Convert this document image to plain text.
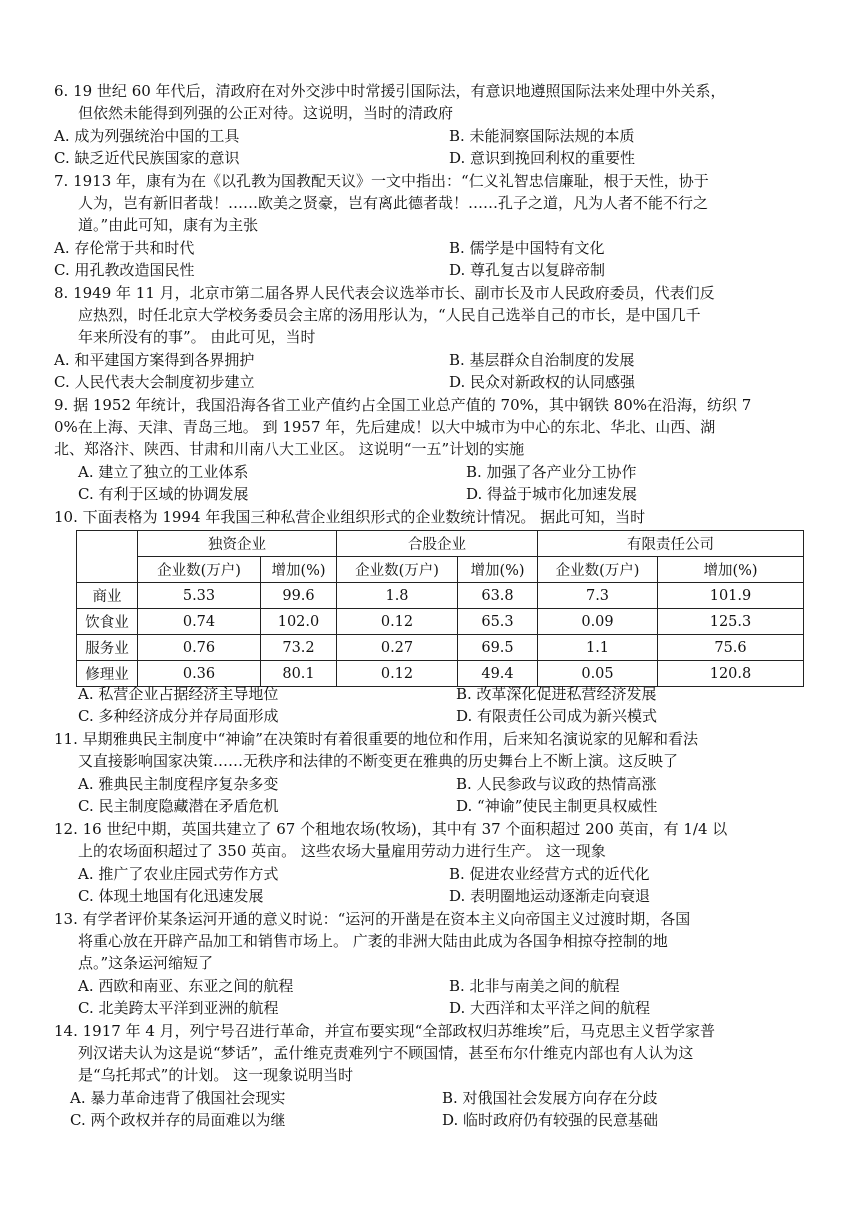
6. 19 世纪 60 年代后，清政府在对外交涉中时常援引国际法，有意识地遵照国际法来处理中外关系，
但依然未能得到列强的公正对待。这说明，当时的清政府
A. 成为列强统治中国的工具	B. 未能洞察国际法规的本质
C. 缺乏近代民族国家的意识	D. 意识到挽回利权的重要性
7. 1913 年，康有为在《以孔教为国教配天议》一文中指出：“仁义礼智忠信廉耻，根于天性，协于
人为，岂有新旧者哉！……欧美之贤豪，岂有离此德者哉！……孔子之道，凡为人者不能不行之
道。”由此可知，康有为主张
A. 存伦常于共和时代	B. 儒学是中国特有文化
C. 用孔教改造国民性	D. 尊孔复古以复辟帝制
8. 1949 年 11 月，北京市第二届各界人民代表会议选举市长、副市长及市人民政府委员，代表们反
应热烈，时任北京大学校务委员会主席的汤用彤认为，“人民自己选举自己的市长，是中国几千
年来所没有的事”。 由此可见，当时
A. 和平建国方案得到各界拥护	B. 基层群众自治制度的发展
C. 人民代表大会制度初步建立	D. 民众对新政权的认同感强
9. 据 1952 年统计，我国沿海各省工业产值约占全国工业总产值的 70%，其中钢铁 80%在沿海，纺织 7
0%在上海、天津、青岛三地。 到 1957 年，先后建成！以大中城市为中心的东北、华北、山西、湖
北、郑洛汴、陕西、甘肃和川南八大工业区。 这说明“一五”计划的实施
A. 建立了独立的工业体系	B. 加强了各产业分工协作
C. 有利于区域的协调发展	D. 得益于城市化加速发展
10. 下面表格为 1994 年我国三种私营企业组织形式的企业数统计情况。 据此可知，当时
	独资企业		合股企业		有限责任公司	
	企业数(万户)	增加(%)	企业数(万户)	增加(%)	企业数(万户)	增加(%)
商业	5.33	99.6	1.8	63.8	7.3	101.9
饮食业	0.74	102.0	0.12	65.3	0.09	125.3
服务业	0.76	73.2	0.27	69.5	1.1	75.6
修理业	0.36	80.1	0.12	49.4	0.05	120.8
A. 私营企业占据经济主导地位	B. 改革深化促进私营经济发展
C. 多种经济成分并存局面形成	D. 有限责任公司成为新兴模式
11. 早期雅典民主制度中“神谕”在决策时有着很重要的地位和作用，后来知名演说家的见解和看法
又直接影响国家决策……无秩序和法律的不断变更在雅典的历史舞台上不断上演。这反映了
A. 雅典民主制度程序复杂多变	B. 人民参政与议政的热情高涨
C. 民主制度隐藏潜在矛盾危机	D. “神谕”使民主制更具权威性
12. 16 世纪中期，英国共建立了 67 个租地农场(牧场)，其中有 37 个面积超过 200 英亩，有 1/4 以
上的农场面积超过了 350 英亩。 这些农场大量雇用劳动力进行生产。 这一现象
A. 推广了农业庄园式劳作方式	B. 促进农业经营方式的近代化
C. 体现土地国有化迅速发展	D. 表明圈地运动逐渐走向衰退
13. 有学者评价某条运河开通的意义时说：“运河的开凿是在资本主义向帝国主义过渡时期，各国
将重心放在开辟产品加工和销售市场上。 广袤的非洲大陆由此成为各国争相掠夺控制的地
点。”这条运河缩短了
A. 西欧和南亚、东亚之间的航程	B. 北非与南美之间的航程
C. 北美跨太平洋到亚洲的航程	D. 大西洋和太平洋之间的航程
14. 1917 年 4 月，列宁号召进行革命，并宣布要实现“全部政权归苏维埃”后，马克思主义哲学家普
列汉诺夫认为这是说“梦话”，孟什维克责难列宁不顾国情，甚至布尔什维克内部也有人认为这
是“乌托邦式”的计划。 这一现象说明当时
A. 暴力革命违背了俄国社会现实	B. 对俄国社会发展方向存在分歧
C. 两个政权并存的局面难以为继	D. 临时政府仍有较强的民意基础
